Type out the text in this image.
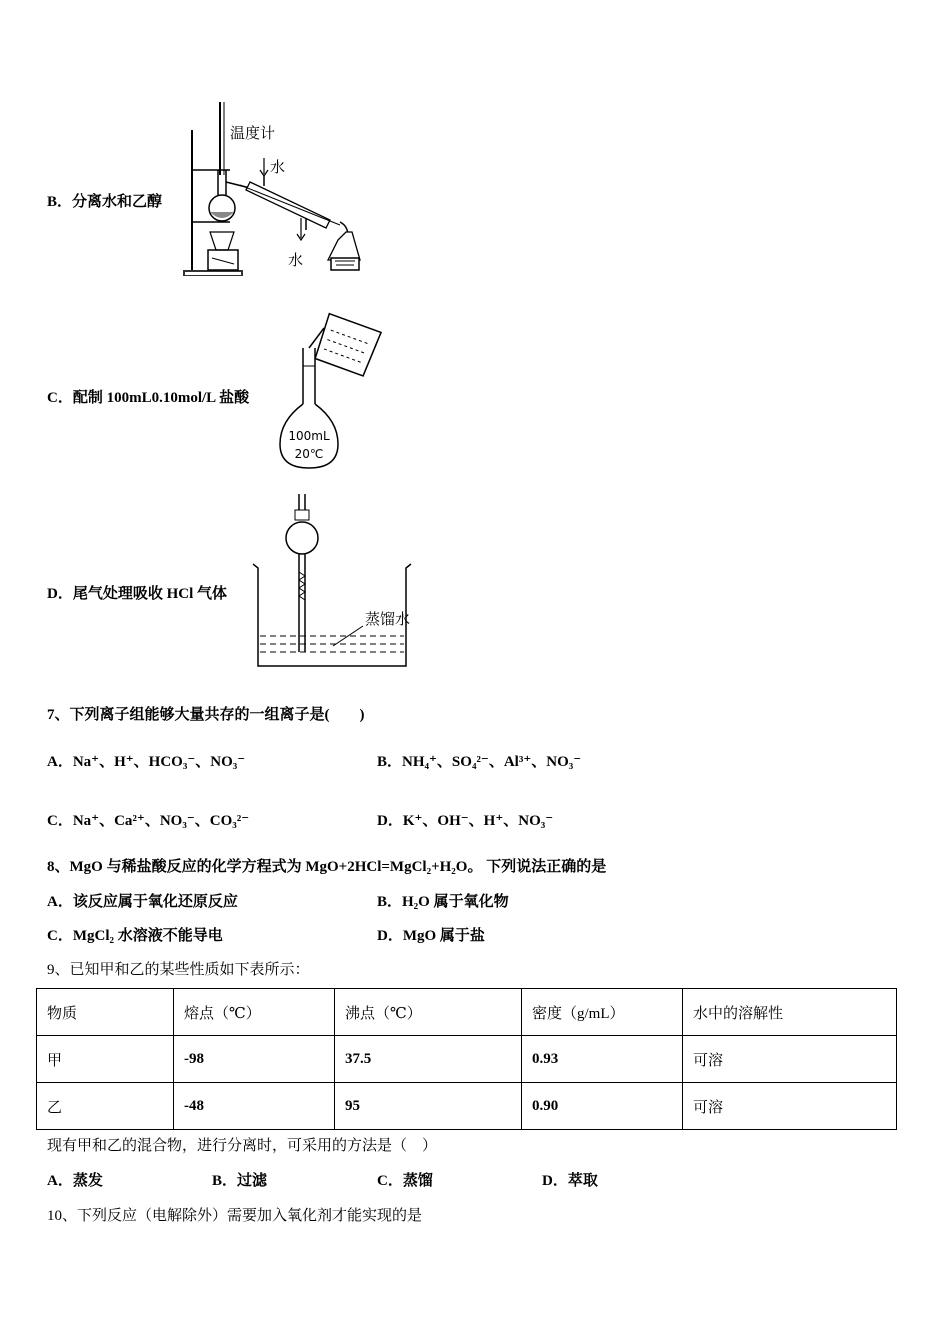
B．分离水和乙醇
温度计
水
水
C．配制 100mL0.10mol/L 盐酸
100mL
20℃
D．尾气处理吸收 HCl 气体
蒸馏水
7、下列离子组能够大量共存的一组离子是(　　)
A．Na⁺、H⁺、HCO₃⁻、NO₃⁻	B．NH₄⁺、SO₄²⁻、Al³⁺、NO₃⁻
C．Na⁺、Ca²⁺、NO₃⁻、CO₃²⁻	D．K⁺、OH⁻、H⁺、NO₃⁻
8、MgO 与稀盐酸反应的化学方程式为 MgO+2HCl=MgCl₂+H₂O。 下列说法正确的是
A．该反应属于氧化还原反应	B．H₂O 属于氧化物
C．MgCl₂ 水溶液不能导电	D．MgO 属于盐
9、已知甲和乙的某些性质如下表所示：
物质	熔点（℃）	沸点（℃）	密度（g/mL）	水中的溶解性
甲	-98	37.5	0.93	可溶
乙	-48	95	0.90	可溶
现有甲和乙的混合物，进行分离时，可采用的方法是（　）
A．蒸发	B．过滤	C．蒸馏	D．萃取
10、下列反应（电解除外）需要加入氧化剂才能实现的是
